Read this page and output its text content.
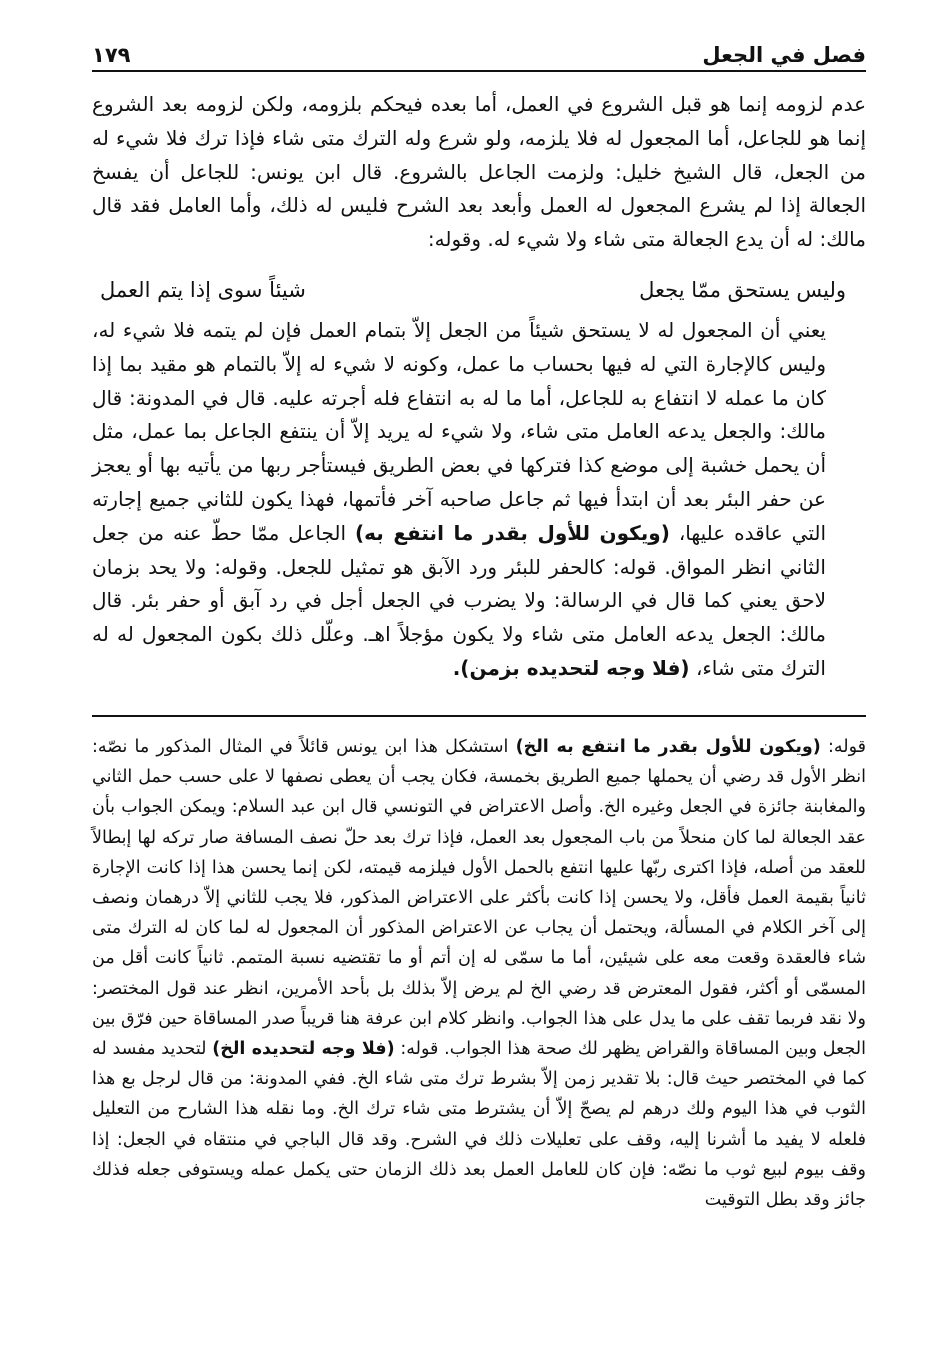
١٧٩	فصل في الجعل

عدم لزومه إنما هو قبل الشروع في العمل، أما بعده فيحكم بلزومه، ولكن لزومه بعد الشروع إنما هو للجاعل، أما المجعول له فلا يلزمه، ولو شرع وله الترك متى شاء فإذا ترك فلا شيء له من الجعل، قال الشيخ خليل: ولزمت الجاعل بالشروع. قال ابن يونس: للجاعل أن يفسخ الجعالة إذا لم يشرع المجعول له العمل وأبعد بعد الشرح فليس له ذلك، وأما العامل فقد قال مالك: له أن يدع الجعالة متى شاء ولا شيء له. وقوله:

وليس يستحق ممّا يجعل
شيئاً سوى إذا يتم العمل

يعني أن المجعول له لا يستحق شيئاً من الجعل إلاّ بتمام العمل فإن لم يتمه فلا شيء له، وليس كالإجارة التي له فيها بحساب ما عمل، وكونه لا شيء له إلاّ بالتمام هو مقيد بما إذا كان ما عمله لا انتفاع به للجاعل، أما ما له به انتفاع فله أجرته عليه. قال في المدونة: قال مالك: والجعل يدعه العامل متى شاء، ولا شيء له يريد إلاّ أن ينتفع الجاعل بما عمل، مثل أن يحمل خشبة إلى موضع كذا فتركها في بعض الطريق فيستأجر ربها من يأتيه بها أو يعجز عن حفر البئر بعد أن ابتدأ فيها ثم جاعل صاحبه آخر فأتمها، فهذا يكون للثاني جميع إجارته التي عاقده عليها، (ويكون للأول بقدر ما انتفع به) الجاعل ممّا حطّ عنه من جعل الثاني انظر المواق. قوله: كالحفر للبئر ورد الآبق هو تمثيل للجعل. وقوله: ولا يحد بزمان لاحق يعني كما قال في الرسالة: ولا يضرب في الجعل أجل في رد آبق أو حفر بئر. قال مالك: الجعل يدعه العامل متى شاء ولا يكون مؤجلاً اهـ. وعلّل ذلك بكون المجعول له له الترك متى شاء، (فلا وجه لتحديده بزمن).

قوله: (ويكون للأول بقدر ما انتفع به الخ) استشكل هذا ابن يونس قائلاً في المثال المذكور ما نصّه: انظر الأول قد رضي أن يحملها جميع الطريق بخمسة، فكان يجب أن يعطى نصفها لا على حسب حمل الثاني والمغابنة جائزة في الجعل وغيره الخ. وأصل الاعتراض في التونسي قال ابن عبد السلام: ويمكن الجواب بأن عقد الجعالة لما كان منحلاً من باب المجعول بعد العمل، فإذا ترك بعد حلّ نصف المسافة صار تركه لها إبطالاً للعقد من أصله، فإذا اكترى ربّها عليها انتفع بالحمل الأول فيلزمه قيمته، لكن إنما يحسن هذا إذا كانت الإجارة ثانياً بقيمة العمل فأقل، ولا يحسن إذا كانت بأكثر على الاعتراض المذكور، فلا يجب للثاني إلاّ درهمان ونصف إلى آخر الكلام في المسألة، ويحتمل أن يجاب عن الاعتراض المذكور أن المجعول له لما كان له الترك متى شاء فالعقدة وقعت معه على شيئين، أما ما سمّى له إن أتم أو ما تقتضيه نسبة المتمم. ثانياً كانت أقل من المسمّى أو أكثر، فقول المعترض قد رضي الخ لم يرض إلاّ بذلك بل بأحد الأمرين، انظر عند قول المختصر: ولا نقد فربما تقف على ما يدل على هذا الجواب. وانظر كلام ابن عرفة هنا قريباً صدر المساقاة حين فرّق بين الجعل وبين المساقاة والقراض يظهر لك صحة هذا الجواب. قوله: (فلا وجه لتحديده الخ) لتحديد مفسد له كما في المختصر حيث قال: بلا تقدير زمن إلاّ بشرط ترك متى شاء الخ. ففي المدونة: من قال لرجل بع هذا الثوب في هذا اليوم ولك درهم لم يصحّ إلاّ أن يشترط متى شاء ترك الخ. وما نقله هذا الشارح من التعليل فلعله لا يفيد ما أشرنا إليه، وقف على تعليلات ذلك في الشرح. وقد قال الباجي في منتقاه في الجعل: إذا وقف بيوم لبيع ثوب ما نصّه: فإن كان للعامل العمل بعد ذلك الزمان حتى يكمل عمله ويستوفى جعله فذلك جائز وقد بطل التوقيت
